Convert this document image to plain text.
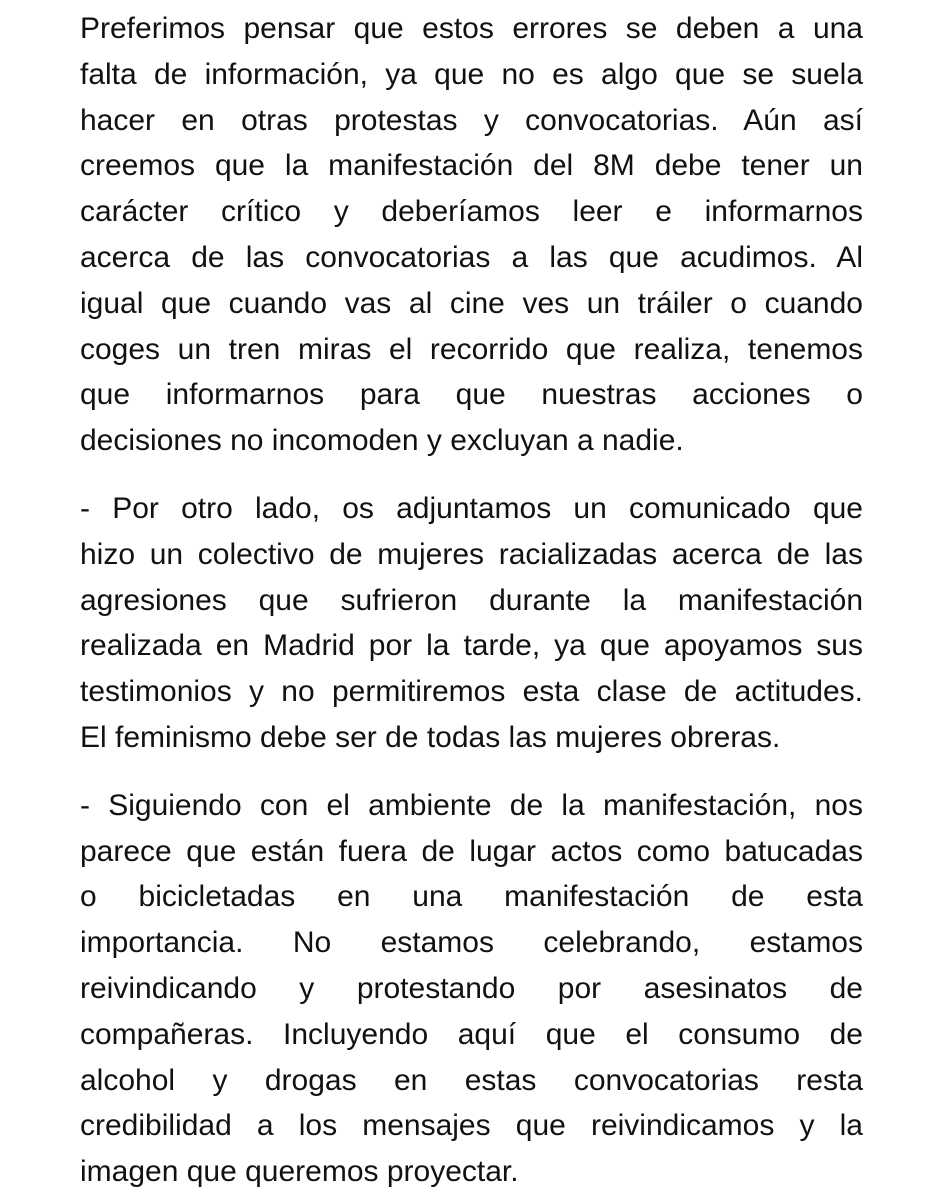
Preferimos pensar que estos errores se deben a una
falta de información, ya que no es algo que se suela
hacer en otras protestas y convocatorias. Aún así
creemos que la manifestación del 8M debe tener un
carácter crítico y deberíamos leer e informarnos
acerca de las convocatorias a las que acudimos. Al
igual que cuando vas al cine ves un tráiler o cuando
coges un tren miras el recorrido que realiza, tenemos
que informarnos para que nuestras acciones o
decisiones no incomoden y excluyan a nadie.
- Por otro lado, os adjuntamos un comunicado que
hizo un colectivo de mujeres racializadas acerca de las
agresiones que sufrieron durante la manifestación
realizada en Madrid por la tarde, ya que apoyamos sus
testimonios y no permitiremos esta clase de actitudes.
El feminismo debe ser de todas las mujeres obreras.
- Siguiendo con el ambiente de la manifestación, nos
parece que están fuera de lugar actos como batucadas
o bicicletadas en una manifestación de esta
importancia. No estamos celebrando, estamos
reivindicando y protestando por asesinatos de
compañeras. Incluyendo aquí que el consumo de
alcohol y drogas en estas convocatorias resta
credibilidad a los mensajes que reivindicamos y la
imagen que queremos proyectar.
